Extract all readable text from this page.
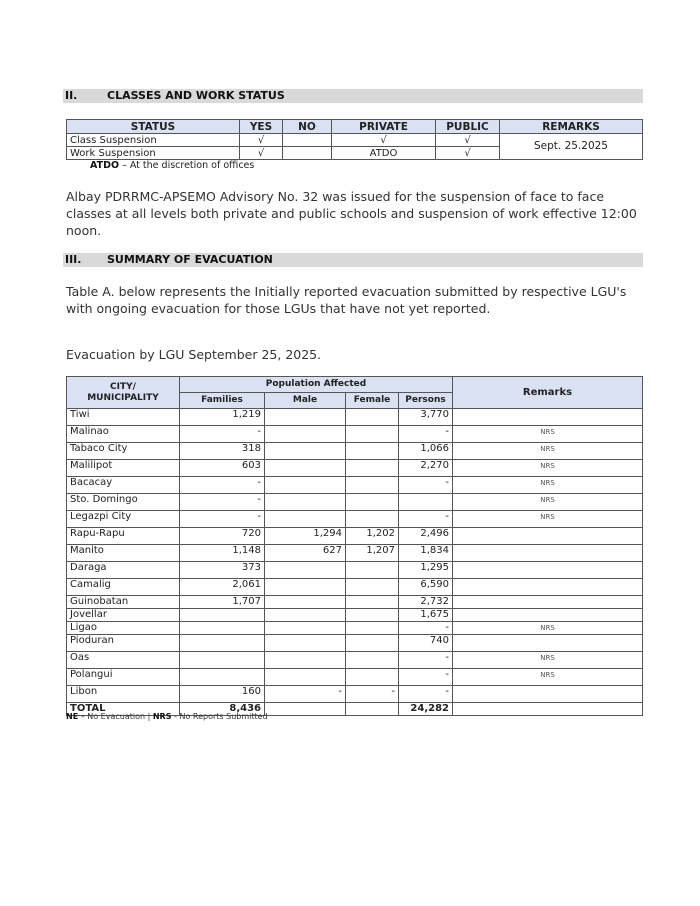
II.	CLASSES AND WORK STATUS
STATUS	YES	NO	PRIVATE	PUBLIC	REMARKS
Class Suspension	√		√	√	Sept. 25.2025
Work Suspension	√		ATDO	√	
ATDO – At the discretion of offices
Albay PDRRMC-APSEMO Advisory No. 32 was issued for the suspension of face to face classes at all levels both private and public schools and suspension of work effective 12:00 noon.
III. SUMMARY OF EVACUATION
Table A. below represents the Initially reported evacuation submitted by respective LGU's with ongoing evacuation for those LGUs that have not yet reported.
Evacuation by LGU September 25, 2025.
CITY/ MUNICIPALITY	Population Affected				Remarks
	Families	Male	Female	Persons	
Tiwi	1,219			3,770	
Malinao	-			-	NRS
Tabaco City	318			1,066	NRS
Malilipot	603			2,270	NRS
Bacacay	-			-	NRS
Sto. Domingo	-				NRS
Legazpi City	-			-	NRS
Rapu-Rapu	720	1,294	1,202	2,496	
Manito	1,148	627	1,207	1,834	
Daraga	373			1,295	
Camalig	2,061			6,590	
Guinobatan	1,707			2,732	
Jovellar				1,675	
Ligao				-	NRS
Pioduran				740	
Oas				-	NRS
Polangui				-	NRS
Libon	160	-	-	-	
TOTAL	8,436			24,282	
NE – No Evacuation | NRS - No Reports Submitted
